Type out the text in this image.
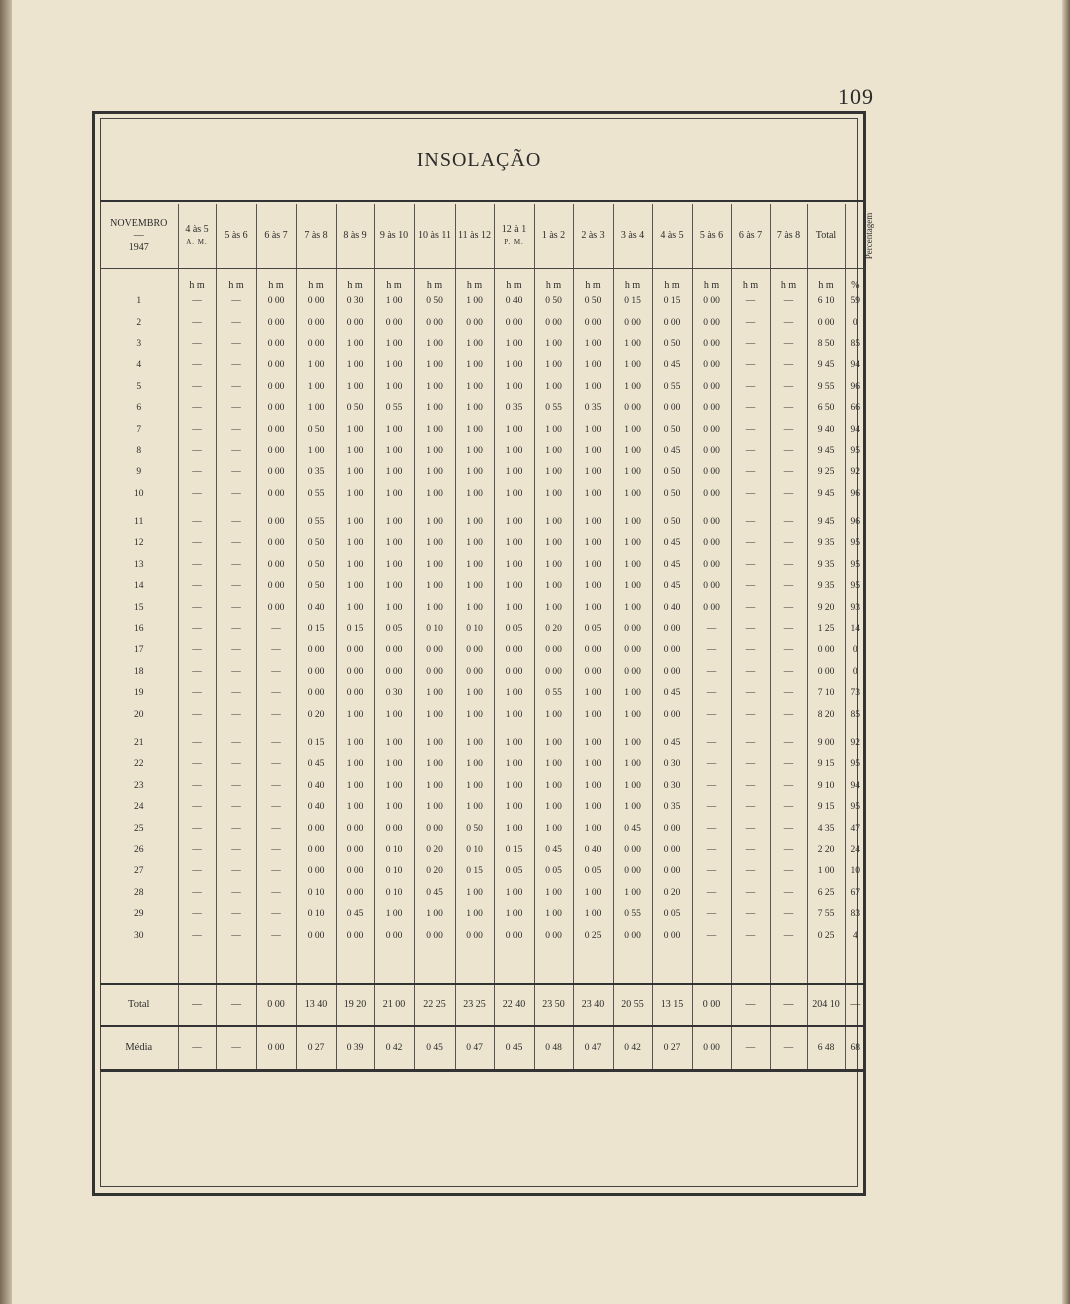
109
INSOLAÇÃO
NOVEMBRO
—
1947	4 às 5
A. M.	5 às 6	6 às 7	7 às 8	8 às 9	9 às 10	10 às 11	11 às 12	12 à 1
P. M.	1 às 2	2 às 3	3 às 4	4 às 5	5 às 6	6 às 7	7 às 8	Total	Percentagem
	h m	h m	h m	h m	h m	h m	h m	h m	h m	h m	h m	h m	h m	h m	h m	h m	h m	%
1	—	—	0 00	0 00	0 30	1 00	0 50	1 00	0 40	0 50	0 50	0 15	0 15	0 00	—	—	6 10	59
2	—	—	0 00	0 00	0 00	0 00	0 00	0 00	0 00	0 00	0 00	0 00	0 00	0 00	—	—	0 00	0
3	—	—	0 00	0 00	1 00	1 00	1 00	1 00	1 00	1 00	1 00	1 00	0 50	0 00	—	—	8 50	85
4	—	—	0 00	1 00	1 00	1 00	1 00	1 00	1 00	1 00	1 00	1 00	0 45	0 00	—	—	9 45	94
5	—	—	0 00	1 00	1 00	1 00	1 00	1 00	1 00	1 00	1 00	1 00	0 55	0 00	—	—	9 55	96
6	—	—	0 00	1 00	0 50	0 55	1 00	1 00	0 35	0 55	0 35	0 00	0 00	0 00	—	—	6 50	66
7	—	—	0 00	0 50	1 00	1 00	1 00	1 00	1 00	1 00	1 00	1 00	0 50	0 00	—	—	9 40	94
8	—	—	0 00	1 00	1 00	1 00	1 00	1 00	1 00	1 00	1 00	1 00	0 45	0 00	—	—	9 45	95
9	—	—	0 00	0 35	1 00	1 00	1 00	1 00	1 00	1 00	1 00	1 00	0 50	0 00	—	—	9 25	92
10	—	—	0 00	0 55	1 00	1 00	1 00	1 00	1 00	1 00	1 00	1 00	0 50	0 00	—	—	9 45	96

11	—	—	0 00	0 55	1 00	1 00	1 00	1 00	1 00	1 00	1 00	1 00	0 50	0 00	—	—	9 45	96
12	—	—	0 00	0 50	1 00	1 00	1 00	1 00	1 00	1 00	1 00	1 00	0 45	0 00	—	—	9 35	95
13	—	—	0 00	0 50	1 00	1 00	1 00	1 00	1 00	1 00	1 00	1 00	0 45	0 00	—	—	9 35	95
14	—	—	0 00	0 50	1 00	1 00	1 00	1 00	1 00	1 00	1 00	1 00	0 45	0 00	—	—	9 35	95
15	—	—	0 00	0 40	1 00	1 00	1 00	1 00	1 00	1 00	1 00	1 00	0 40	0 00	—	—	9 20	93
16	—	—	—	0 15	0 15	0 05	0 10	0 10	0 05	0 20	0 05	0 00	0 00	—	—	—	1 25	14
17	—	—	—	0 00	0 00	0 00	0 00	0 00	0 00	0 00	0 00	0 00	0 00	—	—	—	0 00	0
18	—	—	—	0 00	0 00	0 00	0 00	0 00	0 00	0 00	0 00	0 00	0 00	—	—	—	0 00	0
19	—	—	—	0 00	0 00	0 30	1 00	1 00	1 00	0 55	1 00	1 00	0 45	—	—	—	7 10	73
20	—	—	—	0 20	1 00	1 00	1 00	1 00	1 00	1 00	1 00	1 00	0 00	—	—	—	8 20	85

21	—	—	—	0 15	1 00	1 00	1 00	1 00	1 00	1 00	1 00	1 00	0 45	—	—	—	9 00	92
22	—	—	—	0 45	1 00	1 00	1 00	1 00	1 00	1 00	1 00	1 00	0 30	—	—	—	9 15	95
23	—	—	—	0 40	1 00	1 00	1 00	1 00	1 00	1 00	1 00	1 00	0 30	—	—	—	9 10	94
24	—	—	—	0 40	1 00	1 00	1 00	1 00	1 00	1 00	1 00	1 00	0 35	—	—	—	9 15	95
25	—	—	—	0 00	0 00	0 00	0 00	0 50	1 00	1 00	1 00	0 45	0 00	—	—	—	4 35	47
26	—	—	—	0 00	0 00	0 10	0 20	0 10	0 15	0 45	0 40	0 00	0 00	—	—	—	2 20	24
27	—	—	—	0 00	0 00	0 10	0 20	0 15	0 05	0 05	0 05	0 00	0 00	—	—	—	1 00	10
28	—	—	—	0 10	0 00	0 10	0 45	1 00	1 00	1 00	1 00	1 00	0 20	—	—	—	6 25	67
29	—	—	—	0 10	0 45	1 00	1 00	1 00	1 00	1 00	1 00	0 55	0 05	—	—	—	7 55	83
30	—	—	—	0 00	0 00	0 00	0 00	0 00	0 00	0 00	0 25	0 00	0 00	—	—	—	0 25	4

Total	—	—	0 00	13 40	19 20	21 00	22 25	23 25	22 40	23 50	23 40	20 55	13 15	0 00	—	—	204 10	—
Média	—	—	0 00	0 27	0 39	0 42	0 45	0 47	0 45	0 48	0 47	0 42	0 27	0 00	—	—	6 48	68
